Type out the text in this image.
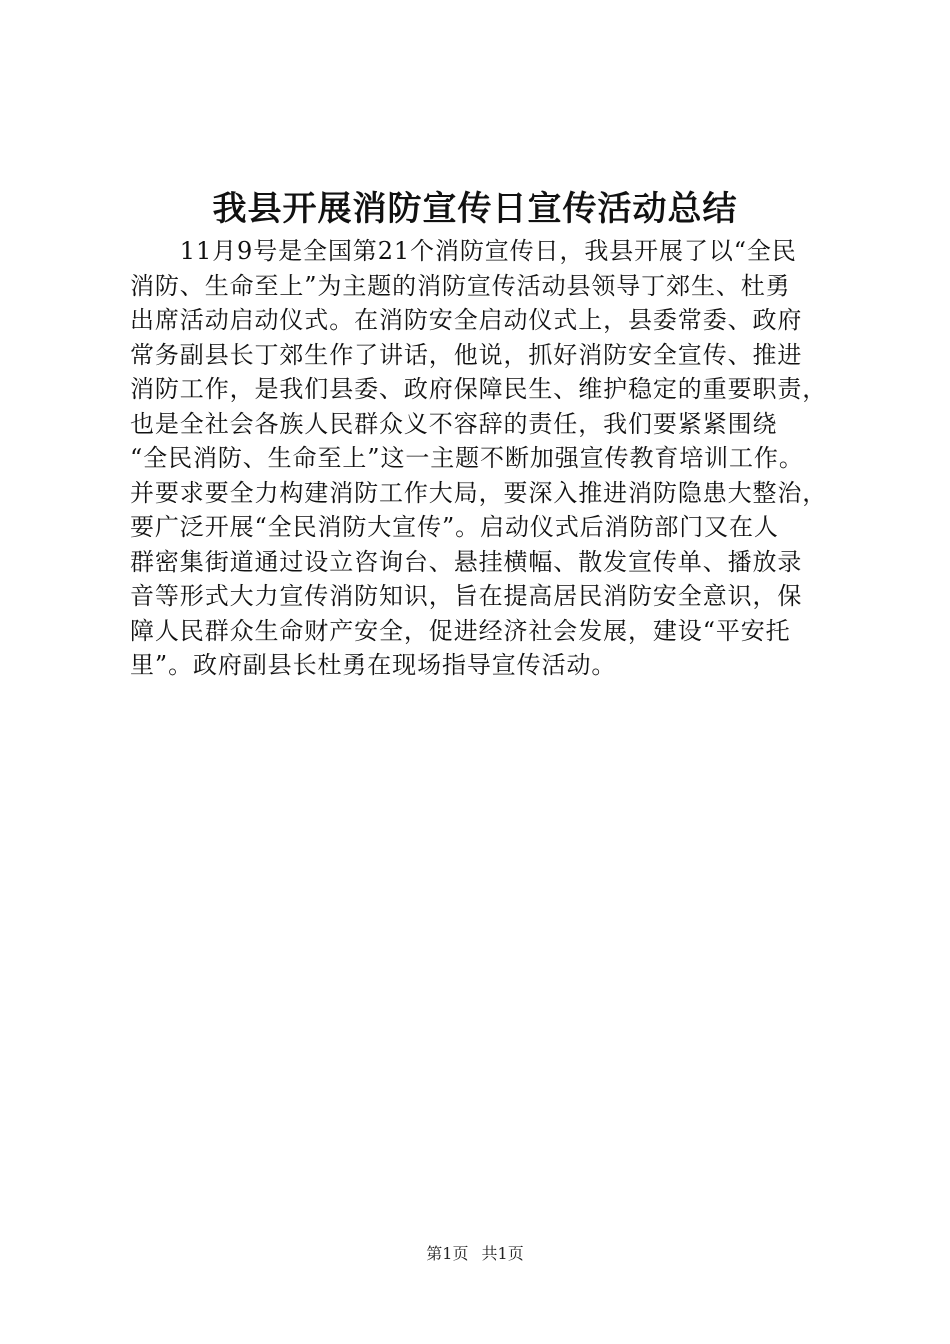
我县开展消防宣传日宣传活动总结
　　11月9号是全国第21个消防宣传日，我县开展了以“全民
消防、生命至上”为主题的消防宣传活动县领导丁郊生、杜勇
出席活动启动仪式。在消防安全启动仪式上，县委常委、政府
常务副县长丁郊生作了讲话，他说，抓好消防安全宣传、推进
消防工作，是我们县委、政府保障民生、维护稳定的重要职责，
也是全社会各族人民群众义不容辞的责任，我们要紧紧围绕
“全民消防、生命至上”这一主题不断加强宣传教育培训工作。
并要求要全力构建消防工作大局，要深入推进消防隐患大整治，
要广泛开展“全民消防大宣传”。启动仪式后消防部门又在人
群密集街道通过设立咨询台、悬挂横幅、散发宣传单、播放录
音等形式大力宣传消防知识，旨在提高居民消防安全意识，保
障人民群众生命财产安全，促进经济社会发展，建设“平安托
里”。政府副县长杜勇在现场指导宣传活动。
第1页 共1页
